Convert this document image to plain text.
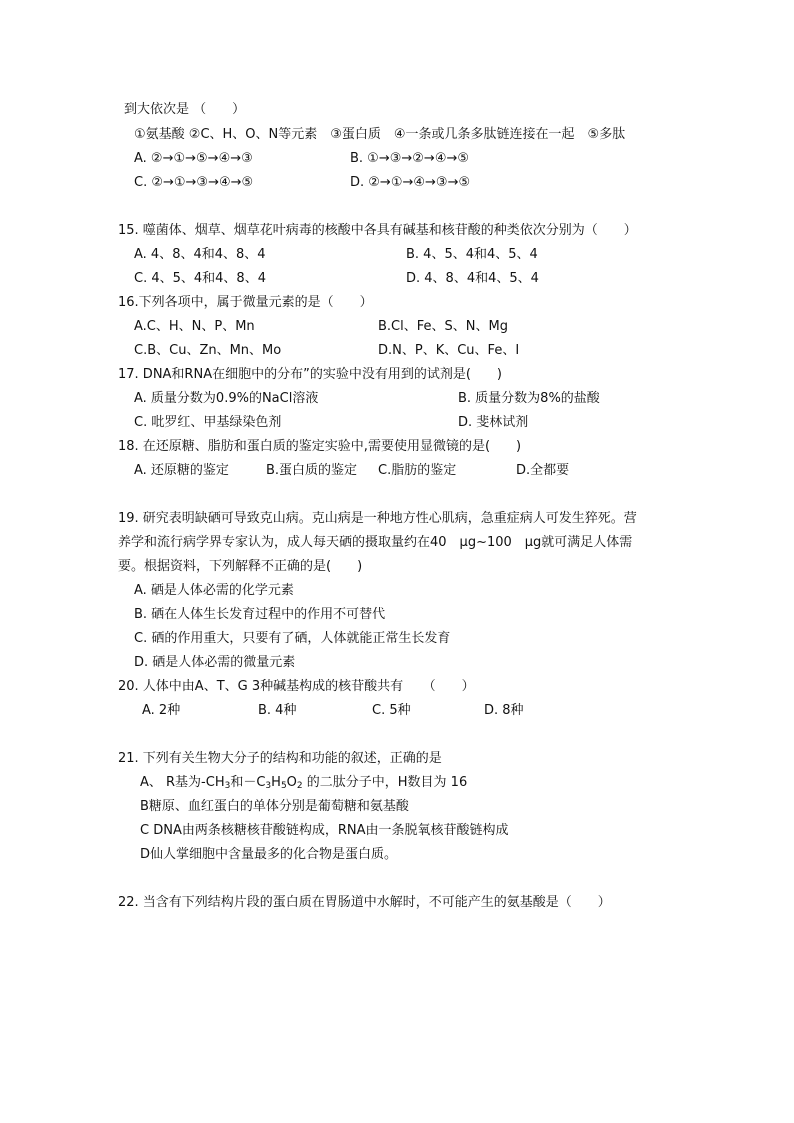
到大依次是 （　　）
①氨基酸 ②C、H、O、N等元素　③蛋白质　④一条或几条多肽链连接在一起　⑤多肽
A. ②→①→⑤→④→③	B. ①→③→②→④→⑤
C. ②→①→③→④→⑤	D. ②→①→④→③→⑤
15. 噬菌体、烟草、烟草花叶病毒的核酸中各具有碱基和核苷酸的种类依次分别为（　　）
A. 4、8、4和4、8、4	B. 4、5、4和4、5、4
C. 4、5、4和4、8、4	D. 4、8、4和4、5、4
16.下列各项中，属于微量元素的是（　　）
A.C、H、N、P、Mn	B.Cl、Fe、S、N、Mg
C.B、Cu、Zn、Mn、Mo	D.N、P、K、Cu、Fe、I
17. DNA和RNA在细胞中的分布”的实验中没有用到的试剂是(　　)
A. 质量分数为0.9%的NaCl溶液	B. 质量分数为8%的盐酸
C. 吡罗红、甲基绿染色剂	D. 斐林试剂
18. 在还原糖、脂肪和蛋白质的鉴定实验中,需要使用显微镜的是(　　)
A. 还原糖的鉴定	B.蛋白质的鉴定 C.脂肪的鉴定	D.全都要
19. 研究表明缺硒可导致克山病。克山病是一种地方性心肌病，急重症病人可发生猝死。营
养学和流行病学界专家认为，成人每天硒的摄取量约在40　μg~100　μg就可满足人体需
要。根据资料，下列解释不正确的是(　　)
A. 硒是人体必需的化学元素
B. 硒在人体生长发育过程中的作用不可替代
C. 硒的作用重大，只要有了硒，人体就能正常生长发育
D. 硒是人体必需的微量元素
20. 人体中由A、T、G 3种碱基构成的核苷酸共有　　（　　）
A. 2种	B. 4种	C. 5种	D. 8种
21. 下列有关生物大分子的结构和功能的叙述，正确的是
A、 R基为$-CH_3$和$-C_3H_5O_2$ 的二肽分子中，H数目为 16
B糖原、血红蛋白的单体分别是葡萄糖和氨基酸
C DNA由两条核糖核苷酸链构成，RNA由一条脱氧核苷酸链构成
D仙人掌细胞中含量最多的化合物是蛋白质。
22. 当含有下列结构片段的蛋白质在胃肠道中水解时，不可能产生的氨基酸是（　　）
